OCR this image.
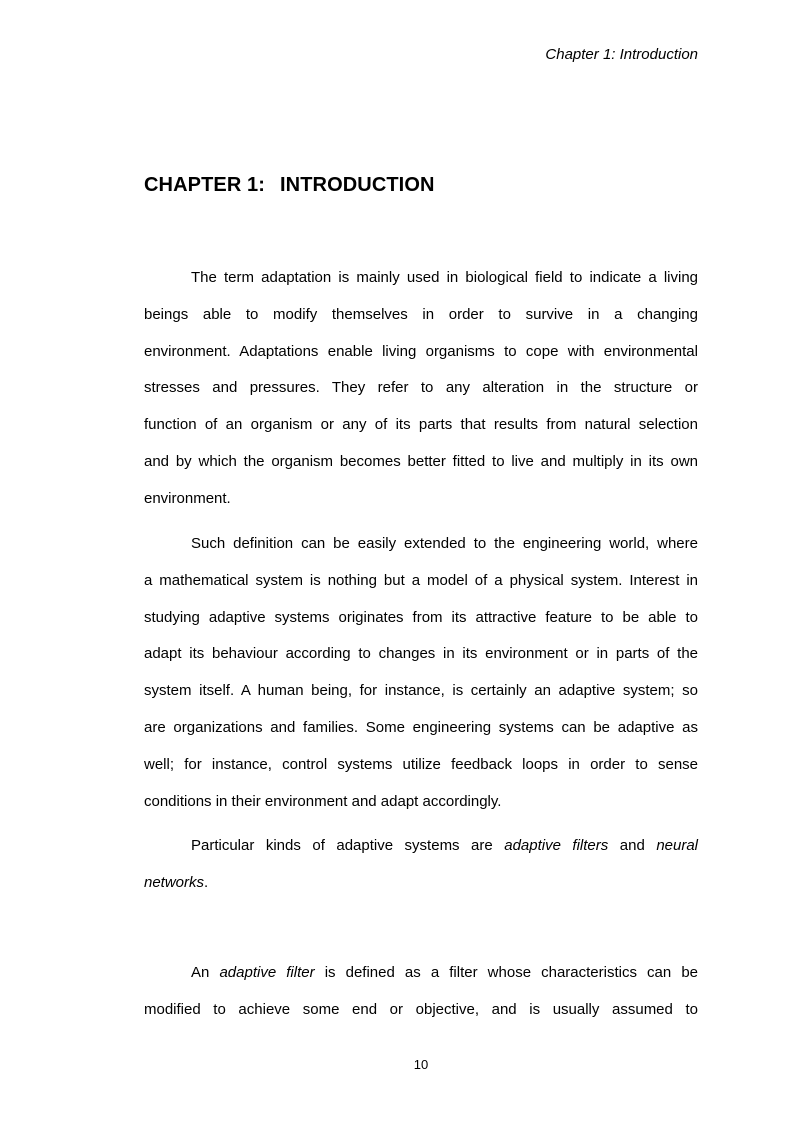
Chapter 1: Introduction
CHAPTER 1: INTRODUCTION
The term adaptation is mainly used in biological field to indicate a living
beings able to modify themselves in order to survive in a changing
environment. Adaptations enable living organisms to cope with environmental
stresses and pressures. They refer to any alteration in the structure or
function of an organism or any of its parts that results from natural selection
and by which the organism becomes better fitted to live and multiply in its own
environment.
Such definition can be easily extended to the engineering world, where
a mathematical system is nothing but a model of a physical system. Interest in
studying adaptive systems originates from its attractive feature to be able to
adapt its behaviour according to changes in its environment or in parts of the
system itself. A human being, for instance, is certainly an adaptive system; so
are organizations and families. Some engineering systems can be adaptive as
well; for instance, control systems utilize feedback loops in order to sense
conditions in their environment and adapt accordingly.
Particular kinds of adaptive systems are adaptive filters and neural
networks.
An adaptive filter is defined as a filter whose characteristics can be
modified to achieve some end or objective, and is usually assumed to
10
